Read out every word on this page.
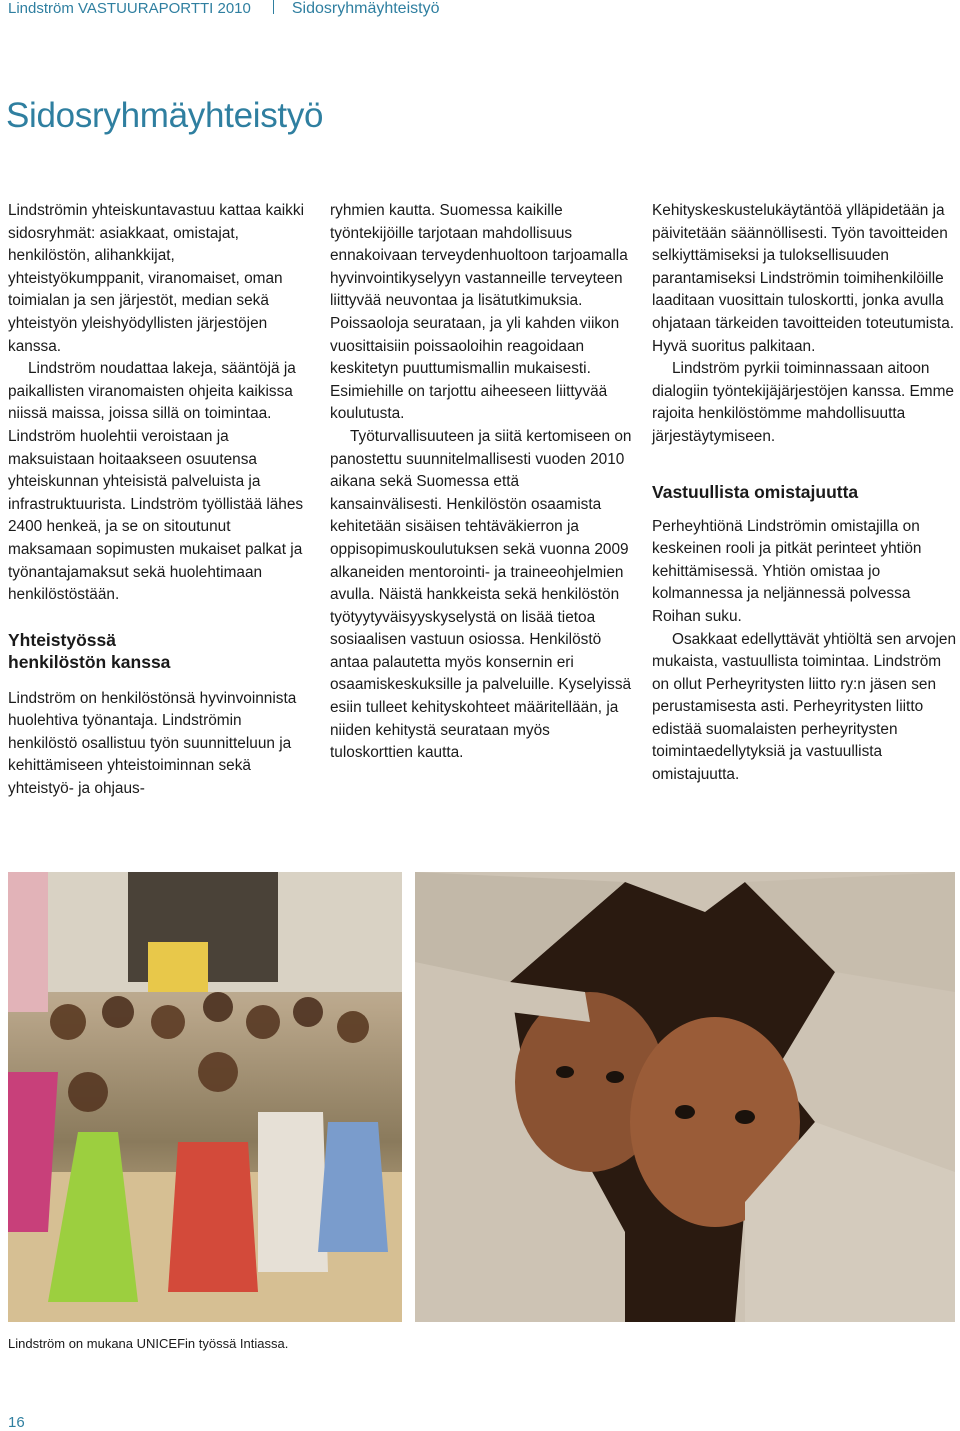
Lindström VASTUURAPORTTI 2010	Sidosryhmäyhteistyö
Sidosryhmäyhteistyö

Lindströmin yhteiskuntavastuu kattaa kaikki sidosryhmät: asiakkaat, omistajat, henkilöstön, alihankkijat, yhteistyökumppanit, viranomaiset, oman toimialan ja sen järjestöt, median sekä yhteistyön yleishyödyllisten järjestöjen kanssa.

Lindström noudattaa lakeja, sääntöjä ja paikallisten viranomaisten ohjeita kaikissa niissä maissa, joissa sillä on toimintaa. Lindström huolehtii veroistaan ja maksuistaan hoitaakseen osuutensa yhteiskunnan yhteisistä palveluista ja infrastruktuurista. Lindström työllistää lähes 2400 henkeä, ja se on sitoutunut maksamaan sopimusten mukaiset palkat ja työnantajamaksut sekä huolehtimaan henkilöstöstään.

Yhteistyössä
henkilöstön kanssa

Lindström on henkilöstönsä hyvinvoinnista huolehtiva työnantaja. Lindströmin henkilöstö osallistuu työn suunnitteluun ja kehittämiseen yhteistoiminnan sekä yhteistyö- ja ohjaus-

ryhmien kautta. Suomessa kaikille työntekijöille tarjotaan mahdollisuus ennakoivaan terveydenhuoltoon tarjoamalla hyvinvointikyselyyn vastanneille terveyteen liittyvää neuvontaa ja lisätutkimuksia. Poissaoloja seurataan, ja yli kahden viikon vuosittaisiin poissaoloihin reagoidaan keskitetyn puuttumismallin mukaisesti. Esimiehille on tarjottu aiheeseen liittyvää koulutusta.

Työturvallisuuteen ja siitä kertomiseen on panostettu suunnitelmallisesti vuoden 2010 aikana sekä Suomessa että kansainvälisesti. Henkilöstön osaamista kehitetään sisäisen tehtäväkierron ja oppisopimuskoulutuksen sekä vuonna 2009 alkaneiden mentorointi- ja traineeohjelmien avulla. Näistä hankkeista sekä henkilöstön työtyytyväisyyskyselystä on lisää tietoa sosiaalisen vastuun osiossa. Henkilöstö antaa palautetta myös konsernin eri osaamiskeskuksille ja palveluille. Kyselyissä esiin tulleet kehityskohteet määritellään, ja niiden kehitystä seurataan myös tuloskorttien kautta.

Kehityskeskustelukäytäntöä ylläpidetään ja päivitetään säännöllisesti. Työn tavoitteiden selkiyttämiseksi ja tuloksellisuuden parantamiseksi Lindströmin toimihenkilöille laaditaan vuosittain tuloskortti, jonka avulla ohjataan tärkeiden tavoitteiden toteutumista. Hyvä suoritus palkitaan.

Lindström pyrkii toiminnassaan aitoon dialogiin työntekijäjärjestöjen kanssa. Emme rajoita henkilöstömme mahdollisuutta järjestäytymiseen.

Vastuullista omistajuutta

Perheyhtiönä Lindströmin omistajilla on keskeinen rooli ja pitkät perinteet yhtiön kehittämisessä. Yhtiön omistaa jo kolmannessa ja neljännessä polvessa Roihan suku.

Osakkaat edellyttävät yhtiöltä sen arvojen mukaista, vastuullista toimintaa. Lindström on ollut Perheyritysten liitto ry:n jäsen sen perustamisesta asti. Perheyritysten liitto edistää suomalaisten perheyritysten toimintaedellytyksiä ja vastuullista omistajuutta.

Lindström on mukana UNICEFin työssä Intiassa.
16
